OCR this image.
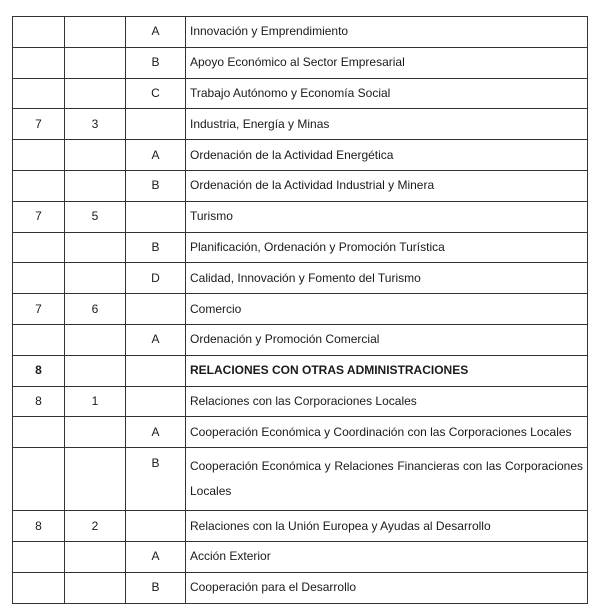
		A	Innovación y Emprendimiento
		B	Apoyo Económico al Sector Empresarial
		C	Trabajo Autónomo y Economía Social
7	3		Industria, Energía y Minas
		A	Ordenación de la Actividad Energética
		B	Ordenación de la Actividad Industrial y Minera
7	5		Turismo
		B	Planificación, Ordenación y Promoción Turística
		D	Calidad, Innovación y Fomento del Turismo
7	6		Comercio
		A	Ordenación y Promoción Comercial
8			RELACIONES CON OTRAS ADMINISTRACIONES
8	1		Relaciones con las Corporaciones Locales
		A	Cooperación Económica y Coordinación con las Corporaciones Locales
		B	Cooperación Económica y Relaciones Financieras con las Corporaciones Locales
8	2		Relaciones con la Unión Europea y Ayudas al Desarrollo
		A	Acción Exterior
		B	Cooperación para el Desarrollo
